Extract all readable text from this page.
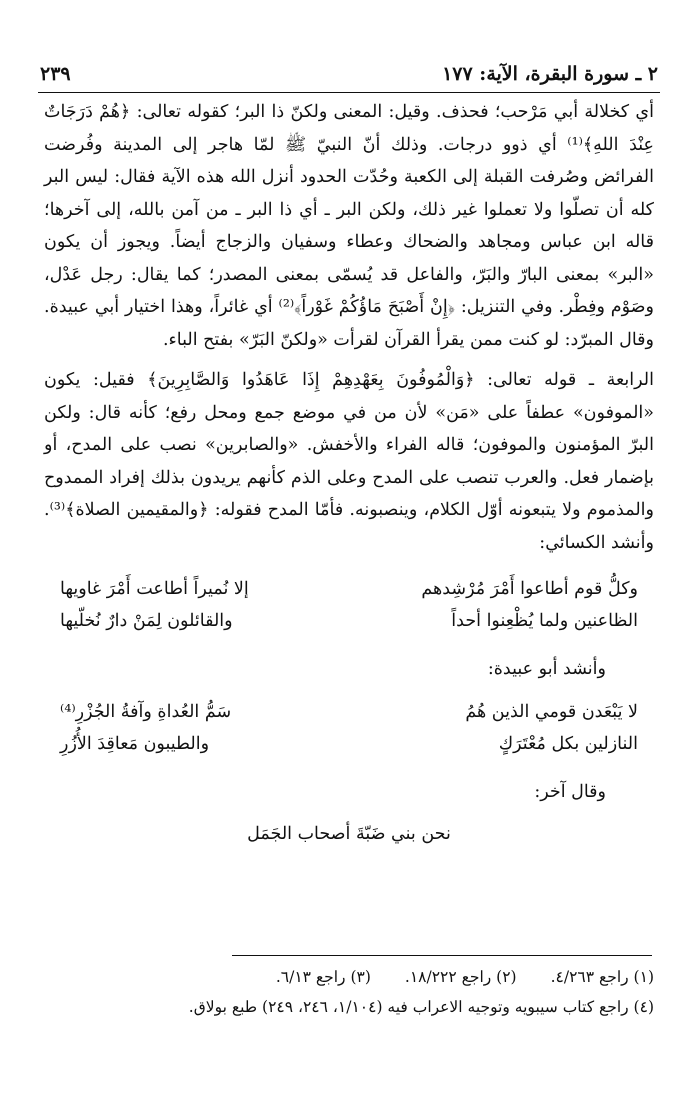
٢ ـ سورة البقرة، الآية: ١٧٧
٢٣٩

أي كخلالة أبي مَرْحب؛ فحذف. وقيل: المعنى ولكنّ ذا البر؛ كقوله تعالى: ﴿هُمْ دَرَجَاتٌ عِنْدَ اللهِ﴾⁽¹⁾ أي ذوو درجات. وذلك أنّ النبيّ ﷺ لمّا هاجر إلى المدينة وفُرضت الفرائض وصُرفت القبلة إلى الكعبة وحُدّت الحدود أنزل الله هذه الآية فقال: ليس البر كله أن تصلّوا ولا تعملوا غير ذلك، ولكن البر ـ أي ذا البر ـ من آمن بالله، إلى آخرها؛ قاله ابن عباس ومجاهد والضحاك وعطاء وسفيان والزجاج أيضاً. ويجوز أن يكون «البر» بمعنى البارّ والبَرّ، والفاعل قد يُسمّى بمعنى المصدر؛ كما يقال: رجل عَدْل، وصَوْم وفِطْر. وفي التنزيل: ﴿إِنْ أَصْبَحَ مَاؤُكُمْ غَوْراً﴾⁽²⁾ أي غائراً، وهذا اختيار أبي عبيدة. وقال المبرّد: لو كنت ممن يقرأ القرآن لقرأت «ولكنّ البَرّ» بفتح الباء.

الرابعة ـ قوله تعالى: ﴿وَالْمُوفُونَ بِعَهْدِهِمْ إِذَا عَاهَدُوا وَالصَّابِرِينَ﴾ فقيل: يكون «الموفون» عطفاً على «مَن» لأن من في موضع جمع ومحل رفع؛ كأنه قال: ولكن البرّ المؤمنون والموفون؛ قاله الفراء والأخفش. «والصابرين» نصب على المدح، أو بإضمار فعل. والعرب تنصب على المدح وعلى الذم كأنهم يريدون بذلك إفراد الممدوح والمذموم ولا يتبعونه أوّل الكلام، وينصبونه. فأمّا المدح فقوله: ﴿والمقيمين الصلاة﴾⁽³⁾. وأنشد الكسائي:

وكلُّ قوم أطاعوا أَمْرَ مُرْشِدهم
إلا نُميراً أطاعت أَمْرَ غاويها
الظاعنين ولما يُظْعِنوا أحداً
والقائلون لِمَنْ دارٌ نُخلّيها

وأنشد أبو عبيدة:

لا يَبْعَدن قومي الذين هُمُ
سَمُّ العُداةِ وآفةُ الجُزْرِ⁽⁴⁾
النازلين بكل مُعْتَرَكٍ
والطيبون مَعاقِدَ الأُزُرِ

وقال آخر:

نحن بني ضَبّةَ أصحاب الجَمَل
(١) راجع ٤/٢٦٣.
(٢) راجع ١٨/٢٢٢.
(٣) راجع ٦/١٣.
(٤) راجع كتاب سيبويه وتوجيه الاعراب فيه (١/١٠٤، ٢٤٦، ٢٤٩) طبع بولاق.
